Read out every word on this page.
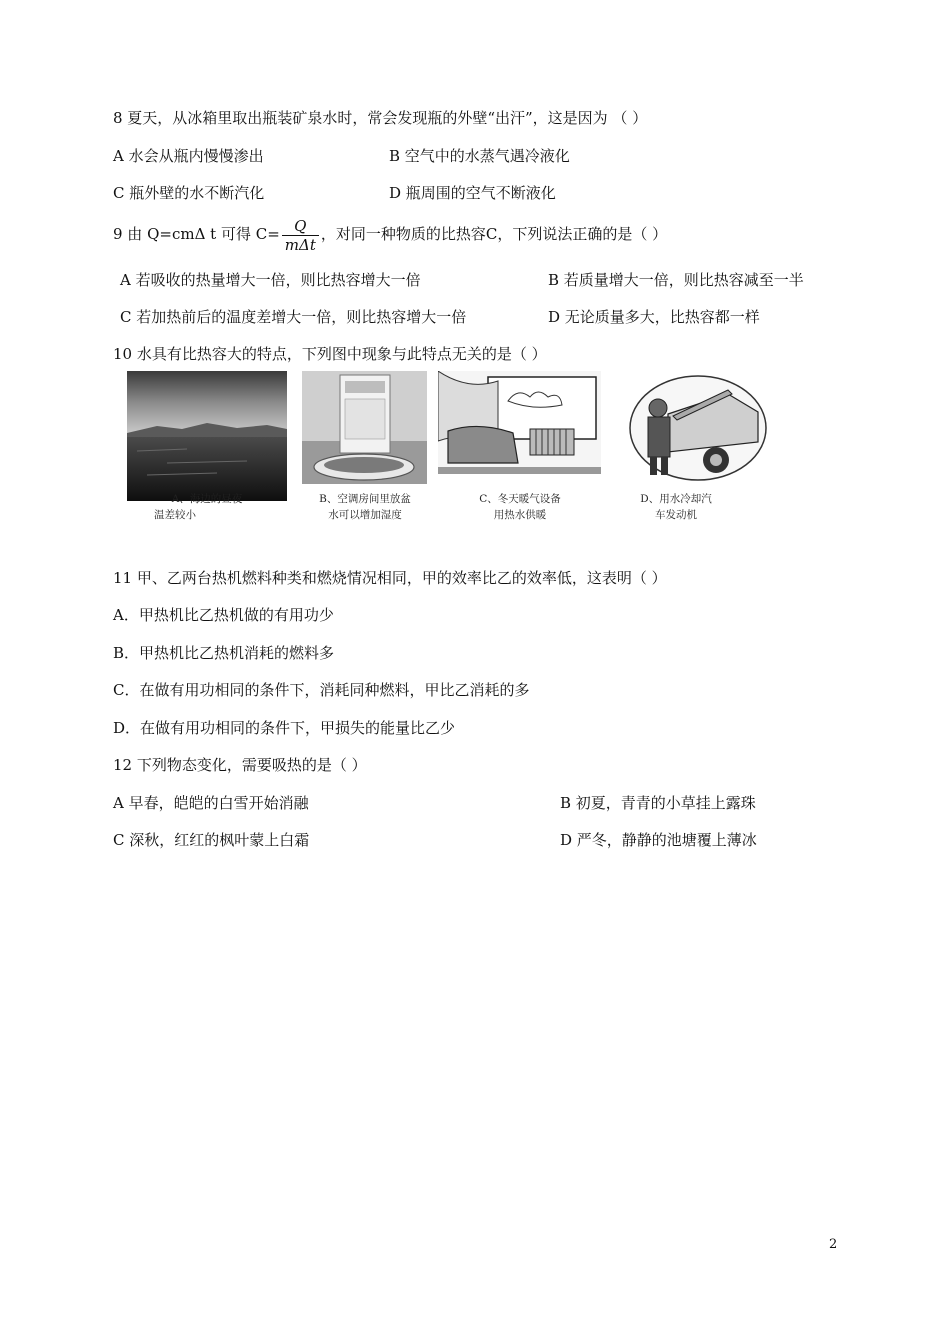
8 夏天，从冰箱里取出瓶装矿泉水时，常会发现瓶的外壁“出汗”，这是因为 （ ）
A 水会从瓶内慢慢渗出	B 空气中的水蒸气遇冷液化
C 瓶外壁的水不断汽化	D 瓶周围的空气不断液化
9 由 Q=cmΔ t 可得 $C= \frac{Q}{\text{mΔt}}$ ，对同一种物质的比热容C，下列说法正确的是（ ）
A 若吸收的热量增大一倍，则比热容增大一倍	B 若质量增大一倍，则比热容减至一半
C 若加热前后的温度差增大一倍，则比热容增大一倍	D 无论质量多大，比热容都一样
10 水具有比热容大的特点，下列图中现象与此特点无关的是（ ）
A、海边的昼夜
温差较小
B、空调房间里放盆
水可以增加湿度
C、冬天暖气设备
用热水供暖
D、用水冷却汽
车发动机
11 甲、乙两台热机燃料种类和燃烧情况相同，甲的效率比乙的效率低，这表明（ ）
A．甲热机比乙热机做的有用功少
B．甲热机比乙热机消耗的燃料多
C．在做有用功相同的条件下，消耗同种燃料，甲比乙消耗的多
D．在做有用功相同的条件下，甲损失的能量比乙少
12 下列物态变化，需要吸热的是（ ）
A 早春，皑皑的白雪开始消融	B 初夏，青青的小草挂上露珠
C 深秋，红红的枫叶蒙上白霜	D 严冬，静静的池塘覆上薄冰
2
